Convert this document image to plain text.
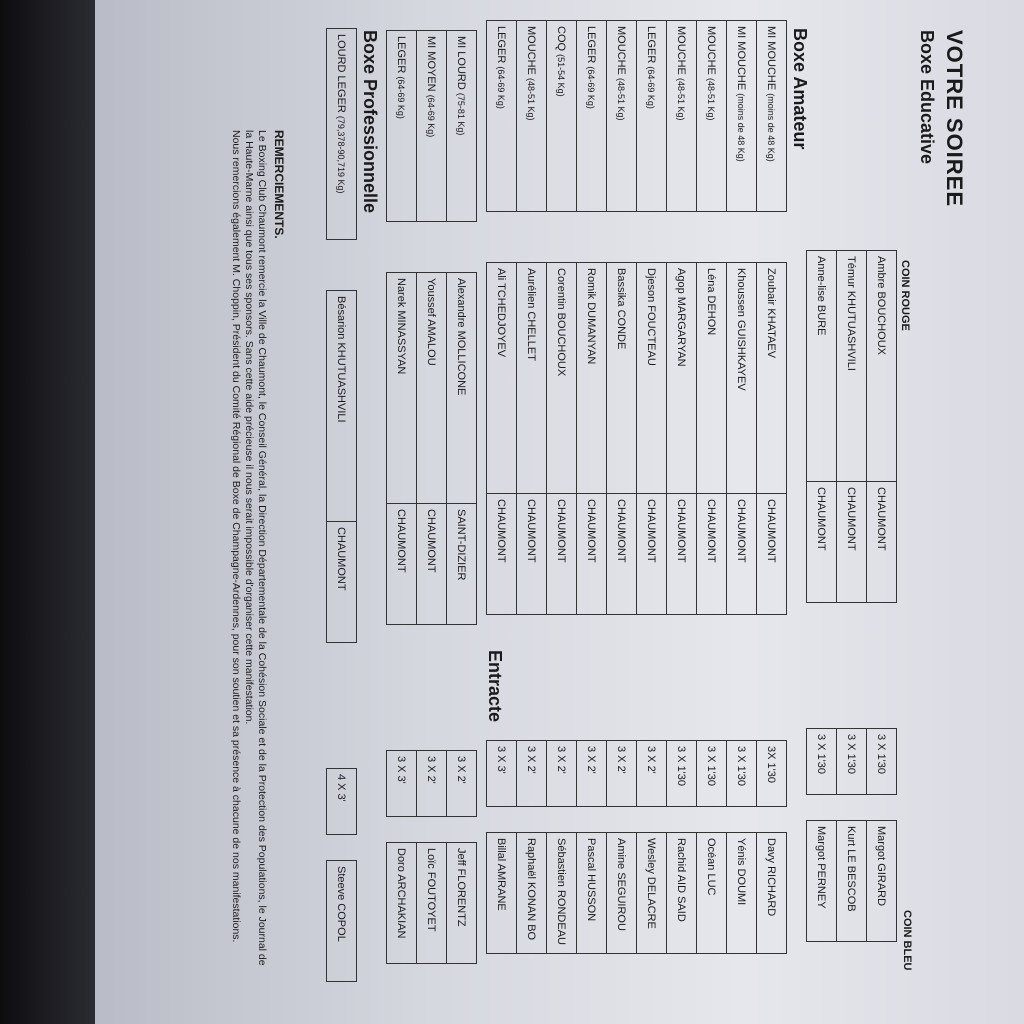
VOTRE SOIREE
Boxe Educative
COIN ROUGE
COIN BLEU
Ambre BOUCHOUX	CHAUMONT		3 X 1'30		Margot GIRARD
Témur KHUTUASHVILI	CHAUMONT		3 X 1'30		Kurt LE BESCOB
Anne-lise BURE	CHAUMONT		3 X 1'30		Margot PERNEY
Boxe Amateur
MI MOUCHE (moins de 48 Kg)		Zoubair KHATAEV	CHAUMONT		3X 1'30		Davy RICHARD
MI MOUCHE (moins de 48 Kg)		Khoussen GUISHKAYEV	CHAUMONT		3 X 1'30		Yénis DOUMI
MOUCHE (48-51 Kg)		Léna DEHON	CHAUMONT		3 X 1'30		Océan LUC
MOUCHE (48-51 Kg)		Agop MARGARYAN	CHAUMONT		3 X 1'30		Rachid AID SAID
LEGER (64-69 Kg)		Djeson FOUCTEAU	CHAUMONT		3 X 2'		Wesley DELACRE
MOUCHE (48-51 Kg)		Bassika CONDE	CHAUMONT		3 X 2'		Amine SEGUIROU
LEGER (64-69 Kg)		Romik DUMANYAN	CHAUMONT		3 X 2'		Pascal HUSSON
COQ (51-54 Kg)		Corentin BOUCHOUX	CHAUMONT		3 X 2'		Sébastien RONDEAU
MOUCHE (48-51 Kg)		Aurélien CHELLET	CHAUMONT		3 X 2'		Raphaël KONAN BO
LEGER (64-69 Kg)		Ali TCHEDJOYEV	CHAUMONT		3 X 3'		Billal AMRANE
Entracte
MI LOURD (75-81 Kg)		Alexandre MOLLICONE	SAINT-DIZIER		3 X 2'		Jeff FLORENTZ
MI MOYEN (64-69 Kg)		Youssef AMALOU	CHAUMONT		3 X 2'		Loïc FOUTOYET
LEGER (64-69 Kg)		Narek MINASSYAN	CHAUMONT		3 X 3'		Doro ARCHAKIAN
Boxe Professionnelle
LOURD LEGER (79,378-90,719 Kg)		Bésarion KHUTUASHVILI	CHAUMONT		4 X 3'		Steeve COPOL
REMERCIEMENTS.

Le Boxing Club Chaumont remercie la Ville de Chaumont, le Conseil Général, la Direction Départementale de la Cohésion Sociale et de la Protection des Populations, le Journal de la Haute-Marne ainsi que tous ses sponsors. Sans cette aide précieuse il nous serait impossible d'organiser cette manifestation.

Nous remercions également M. Choppin, Président du Comité Régional de Boxe de Champagne-Ardennes, pour son soutien et sa présence à chacune de nos manifestations.
